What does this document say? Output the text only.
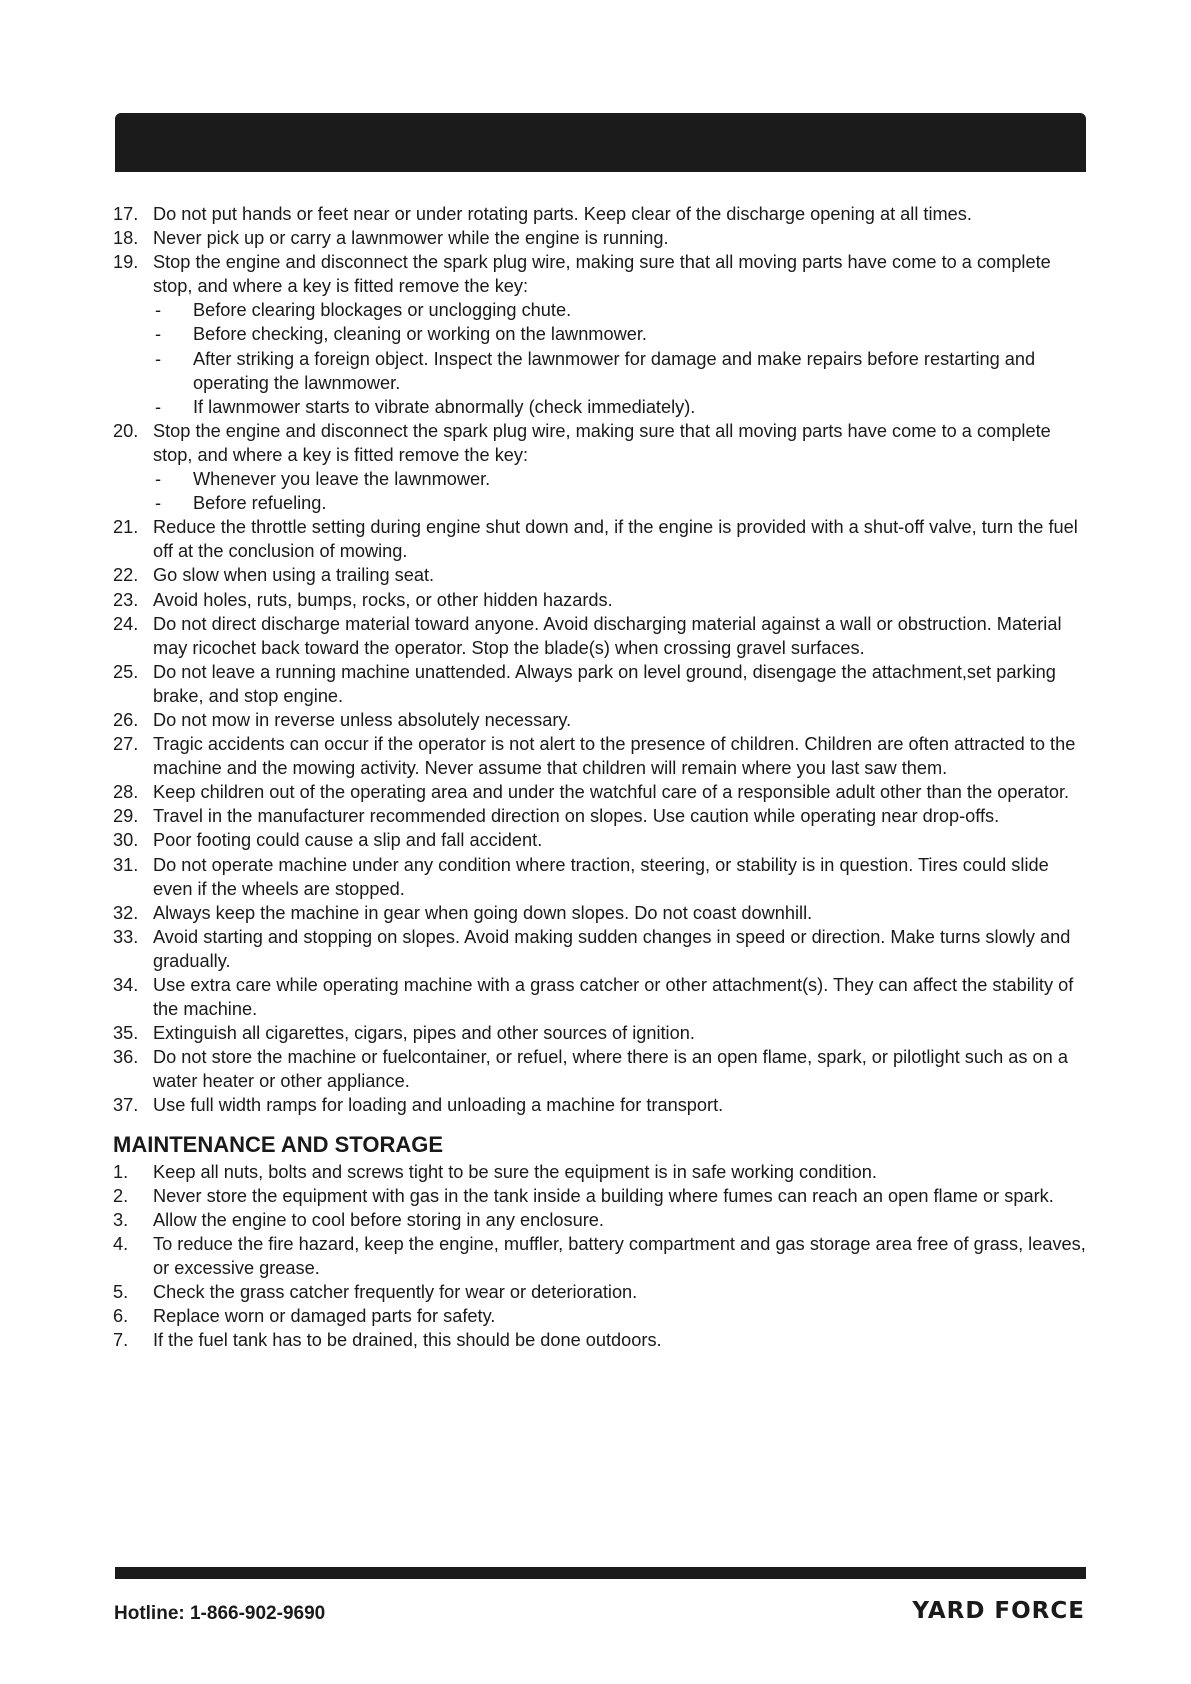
17. Do not put hands or feet near or under rotating parts. Keep clear of the discharge opening at all times.
18. Never pick up or carry a lawnmower while the engine is running.
19. Stop the engine and disconnect the spark plug wire, making sure that all moving parts have come to a complete stop, and where a key is fitted remove the key:
-	Before clearing blockages or unclogging chute.
-	Before checking, cleaning or working on the lawnmower.
-	After striking a foreign object. Inspect the lawnmower for damage and make repairs before restarting and operating the lawnmower.
-	If lawnmower starts to vibrate abnormally (check immediately).
20. Stop the engine and disconnect the spark plug wire, making sure that all moving parts have come to a complete stop, and where a key is fitted remove the key:
-	Whenever you leave the lawnmower.
-	Before refueling.
21. Reduce the throttle setting during engine shut down and, if the engine is provided with a shut-off valve, turn the fuel off at the conclusion of mowing.
22. Go slow when using a trailing seat.
23. Avoid holes, ruts, bumps, rocks, or other hidden hazards.
24. Do not direct discharge material toward anyone. Avoid discharging material against a wall or obstruction. Material may ricochet back toward the operator. Stop the blade(s) when crossing gravel surfaces.
25. Do not leave a running machine unattended. Always park on level ground, disengage the attachment,set parking brake, and stop engine.
26. Do not mow in reverse unless absolutely necessary.
27. Tragic accidents can occur if the operator is not alert to the presence of children. Children are often attracted to the machine and the mowing activity. Never assume that children will remain where you last saw them.
28. Keep children out of the operating area and under the watchful care of a responsible adult other than the operator.
29. Travel in the manufacturer recommended direction on slopes. Use caution while operating near drop-offs.
30. Poor footing could cause a slip and fall accident.
31. Do not operate machine under any condition where traction, steering, or stability is in question. Tires could slide even if the wheels are stopped.
32. Always keep the machine in gear when going down slopes. Do not coast downhill.
33. Avoid starting and stopping on slopes. Avoid making sudden changes in speed or direction. Make turns slowly and gradually.
34. Use extra care while operating machine with a grass catcher or other attachment(s). They can affect the stability of the machine.
35. Extinguish all cigarettes, cigars, pipes and other sources of ignition.
36. Do not store the machine or fuelcontainer, or refuel, where there is an open flame, spark, or pilotlight such as on a water heater or other appliance.
37. Use full width ramps for loading and unloading a machine for transport.
MAINTENANCE AND STORAGE
1.	Keep all nuts, bolts and screws tight to be sure the equipment is in safe working condition.
2.	Never store the equipment with gas in the tank inside a building where fumes can reach an open flame or spark.
3.	Allow the engine to cool before storing in any enclosure.
4.	To reduce the fire hazard, keep the engine, muffler, battery compartment and gas storage area free of grass, leaves, or excessive grease.
5.	Check the grass catcher frequently for wear or deterioration.
6.	Replace worn or damaged parts for safety.
7.	If the fuel tank has to be drained, this should be done outdoors.
Hotline: 1-866-902-9690	YARD FORCE
